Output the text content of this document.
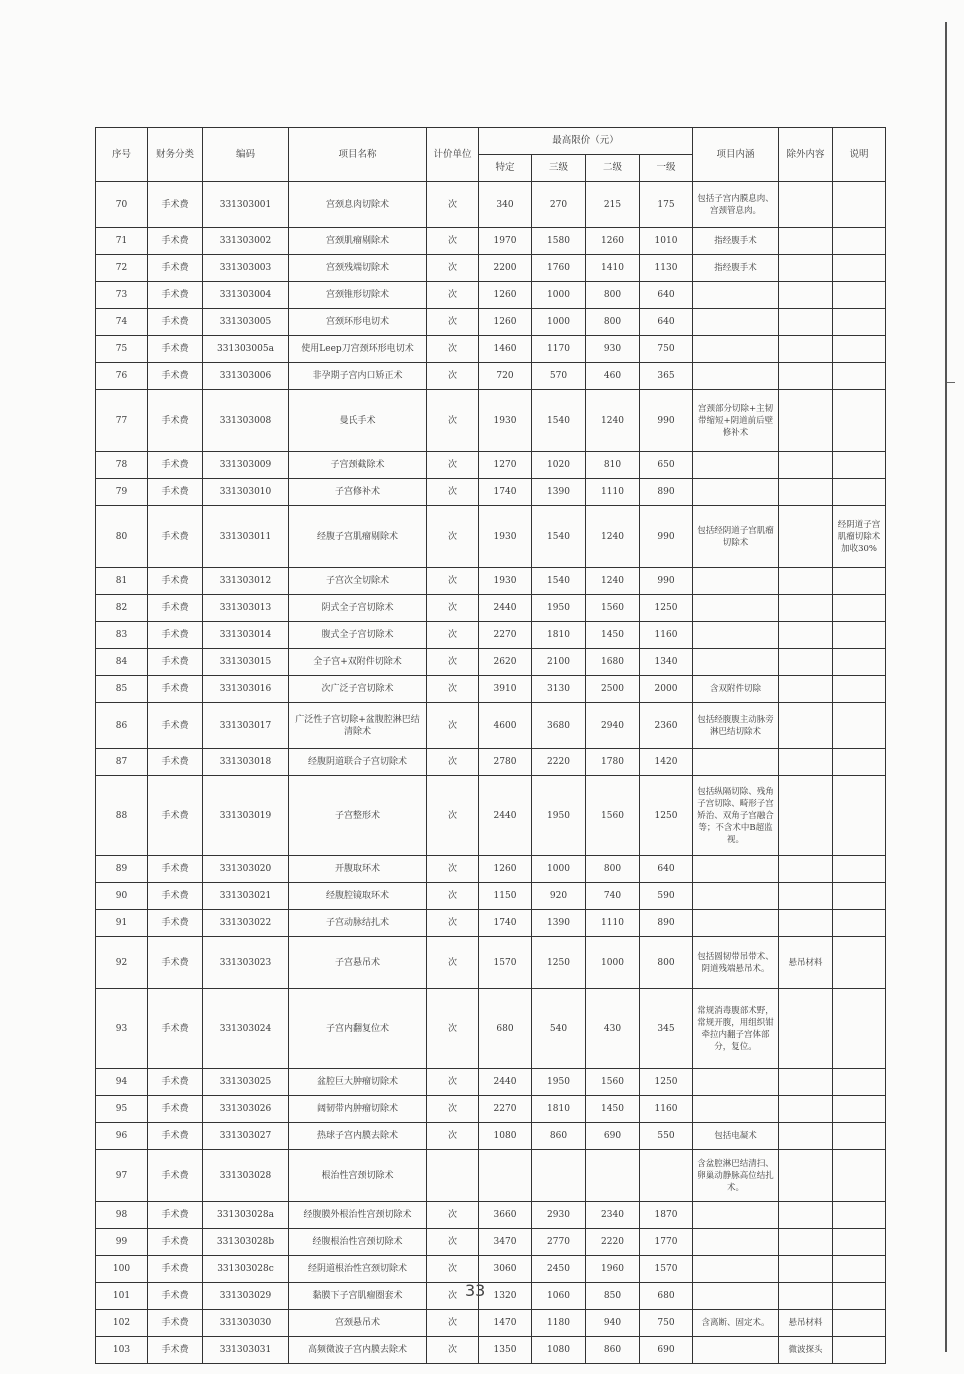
序号	财务分类	编码	项目名称	计价单位	最高限价（元）				项目内涵	除外内容	说明
					特定	三级	二级	一级			
70	手术费	331303001	宫颈息肉切除术	次	340	270	215	175	包括子宫内膜息肉、宫颈管息肉。		
71	手术费	331303002	宫颈肌瘤剔除术	次	1970	1580	1260	1010	指经腹手术		
72	手术费	331303003	宫颈残端切除术	次	2200	1760	1410	1130	指经腹手术		
73	手术费	331303004	宫颈锥形切除术	次	1260	1000	800	640			
74	手术费	331303005	宫颈环形电切术	次	1260	1000	800	640			
75	手术费	331303005a	使用Leep刀宫颈环形电切术	次	1460	1170	930	750			
76	手术费	331303006	非孕期子宫内口矫正术	次	720	570	460	365			
77	手术费	331303008	曼氏手术	次	1930	1540	1240	990	宫颈部分切除+主韧带缩短+阴道前后壁修补术		
78	手术费	331303009	子宫颈截除术	次	1270	1020	810	650			
79	手术费	331303010	子宫修补术	次	1740	1390	1110	890			
80	手术费	331303011	经腹子宫肌瘤剔除术	次	1930	1540	1240	990	包括经阴道子宫肌瘤切除术		经阴道子宫肌瘤切除术加收30%
81	手术费	331303012	子宫次全切除术	次	1930	1540	1240	990			
82	手术费	331303013	阴式全子宫切除术	次	2440	1950	1560	1250			
83	手术费	331303014	腹式全子宫切除术	次	2270	1810	1450	1160			
84	手术费	331303015	全子宫+双附件切除术	次	2620	2100	1680	1340			
85	手术费	331303016	次广泛子宫切除术	次	3910	3130	2500	2000	含双附件切除		
86	手术费	331303017	广泛性子宫切除+盆腹腔淋巴结清除术	次	4600	3680	2940	2360	包括经腹腹主动脉旁淋巴结切除术		
87	手术费	331303018	经腹阴道联合子宫切除术	次	2780	2220	1780	1420			
88	手术费	331303019	子宫整形术	次	2440	1950	1560	1250	包括纵隔切除、残角子宫切除、畸形子宫矫治、双角子宫融合等；不含术中B超监视。		
89	手术费	331303020	开腹取环术	次	1260	1000	800	640			
90	手术费	331303021	经腹腔镜取环术	次	1150	920	740	590			
91	手术费	331303022	子宫动脉结扎术	次	1740	1390	1110	890			
92	手术费	331303023	子宫悬吊术	次	1570	1250	1000	800	包括圆韧带吊带术、阴道残端悬吊术。	悬吊材料	
93	手术费	331303024	子宫内翻复位术	次	680	540	430	345	常规消毒腹部术野，常规开腹，用组织钳牵拉内翻子宫体部分，复位。		
94	手术费	331303025	盆腔巨大肿瘤切除术	次	2440	1950	1560	1250			
95	手术费	331303026	阔韧带内肿瘤切除术	次	2270	1810	1450	1160			
96	手术费	331303027	热球子宫内膜去除术	次	1080	860	690	550	包括电凝术		
97	手术费	331303028	根治性宫颈切除术						含盆腔淋巴结清扫、卵巢动静脉高位结扎术。		
98	手术费	331303028a	经腹膜外根治性宫颈切除术	次	3660	2930	2340	1870			
99	手术费	331303028b	经腹根治性宫颈切除术	次	3470	2770	2220	1770			
100	手术费	331303028c	经阴道根治性宫颈切除术	次	3060	2450	1960	1570			
101	手术费	331303029	黏膜下子宫肌瘤圈套术	次	1320	1060	850	680			
102	手术费	331303030	宫颈悬吊术	次	1470	1180	940	750	含离断、固定术。	悬吊材料	
103	手术费	331303031	高频微波子宫内膜去除术	次	1350	1080	860	690		微波探头	
33
